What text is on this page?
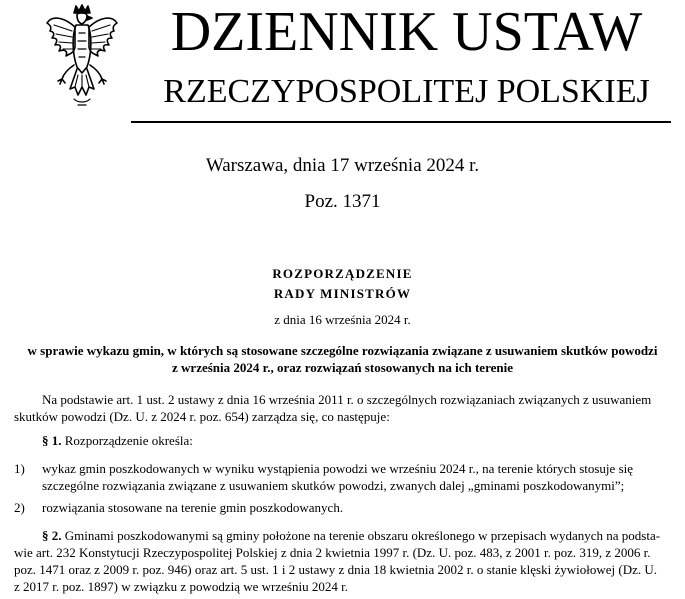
DZIENNIK USTAW
RZECZYPOSPOLITEJ POLSKIEJ
Warszawa, dnia 17 września 2024 r.
Poz. 1371
ROZPORZĄDZENIE
RADY MINISTRÓW
z dnia 16 września 2024 r.
w sprawie wykazu gmin, w których są stosowane szczególne rozwiązania związane z usuwaniem skutków powodzi
z września 2024 r., oraz rozwiązań stosowanych na ich terenie
Na podstawie art. 1 ust. 2 ustawy z dnia 16 września 2011 r. o szczególnych rozwiązaniach związanych z usuwaniem
skutków powodzi (Dz. U. z 2024 r. poz. 654) zarządza się, co następuje:
§ 1. Rozporządzenie określa:
1) wykaz gmin poszkodowanych w wyniku wystąpienia powodzi we wrześniu 2024 r., na terenie których stosuje się
szczególne rozwiązania związane z usuwaniem skutków powodzi, zwanych dalej „gminami poszkodowanymi”;
2) rozwiązania stosowane na terenie gmin poszkodowanych.
§ 2. Gminami poszkodowanymi są gminy położone na terenie obszaru określonego w przepisach wydanych na podsta-
wie art. 232 Konstytucji Rzeczypospolitej Polskiej z dnia 2 kwietnia 1997 r. (Dz. U. poz. 483, z 2001 r. poz. 319, z 2006 r.
poz. 1471 oraz z 2009 r. poz. 946) oraz art. 5 ust. 1 i 2 ustawy z dnia 18 kwietnia 2002 r. o stanie klęski żywiołowej (Dz. U.
z 2017 r. poz. 1897) w związku z powodzią we wrześniu 2024 r.
